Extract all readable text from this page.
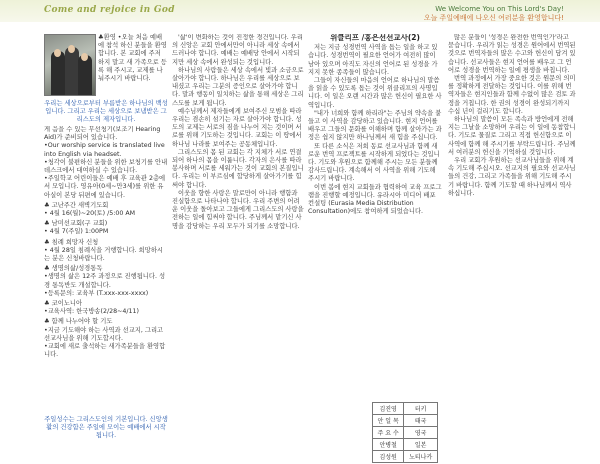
Come and rejoice in God	We Welcome You on This Lord's Day!
오늘 주일예배에 나오신 여러분을 환영합니다!
♣환영 •오늘 처음 예배에 참석 하신 분들을 환영합니다. 본 교회에 주저 하지 말고 새 가족으로 등록 해 주시고, 교제를 나눠주시기 바랍니다.
우리는 세상으로부터 부름받은 하나님의 백성입니다. 그리고 우리는 세상으로 보냄받은 그리스도의 제자입니다.
게 음을 수 있는 무선청기(보조기 Hearing Aid)가 준비되어 있습니다.
•Our worship service is translated live into English via headset.
•청각이 불편하신 분들을 위한 보청기를 안내데스크에서 대여하실 수 있습니다.
•주일학교 어린이들은 예배 후 교육관 2층에서 모입니다. 영유아(0세~만3세)를 위한 유아실이 본당 뒤편에 있습니다.
♣ 고난주간 새벽기도회
• 4월 16(월)~20(토) /5:00 AM
♣ 남미선교회(구 교회)
• 4월 7(주일) 1:00PM
♣ 침례 희망자 신청
• 4월 28일 침례식을 거행합니다. 희망하시는 분은 신청바랍니다.
♣ 생명의삶/성경통독
•생명의 삶은 12주 과정으로 진행됩니다. 성경 통독반도 개설합니다.
•등록문의: 교육부 (T.xxx-xxx-xxxx)
♣ 코이노니아
•교육사역: 한국방송(2/28~4/11)
♣ 함께 나누어야 할 기도
•지금 기도해야 하는 사역과 선교지, 그리고 선교사님을 위해 기도합시다.
•교회에 새로 출석하는 새가족분들을 환영합니다.
주일성수는 그리스도인의 기본입니다. 신앙생활의 건강함은 주일에 모이는 예배에서 시작됩니다.

'삶'이 변화하는 것이 진정한 경건입니다. 우리의 신앙은 교회 안에서만이 아니라 세상 속에서 드러나야 합니다. 예배는 예배당 안에서 시작되지만 세상 속에서 완성되는 것입니다.

하나님의 사람들은 세상 속에서 빛과 소금으로 살아가야 합니다. 하나님은 우리를 세상으로 보내셨고 우리는 그분의 증인으로 살아가야 합니다. 말과 행동이 일치하는 삶을 통해 세상은 그리스도를 보게 됩니다.

예수님께서 제자들에게 보여주신 모범을 따라 우리는 겸손히 섬기는 자로 살아가야 합니다. 성도의 교제는 서로의 짐을 나누어 지는 것이며 서로를 위해 기도하는 것입니다. 교회는 이 땅에서 하나님 나라를 보여주는 공동체입니다.

그리스도의 몸 된 교회는 각 지체가 서로 연결되어 하나의 몸을 이룹니다. 각자의 은사를 따라 봉사하며 서로를 세워가는 것이 교회의 본질입니다. 우리는 이 부르심에 합당하게 살아가기를 힘써야 합니다.

이웃을 향한 사랑은 말로만이 아니라 행함과 진실함으로 나타나야 합니다. 우리 주변의 어려운 이웃을 돌아보고 그들에게 그리스도의 사랑을 전하는 일에 힘써야 합니다. 주님께서 맡기신 사명을 감당하는 우리 모두가 되기를 소망합니다.

위클리프 /홍은선선교사(2)

저는 지금 성경번역 사역을 돕는 일을 하고 있습니다. 성경번역이 필요한 언어가 여전히 많이 남아 있으며 아직도 자신의 언어로 된 성경을 가지지 못한 종족들이 많습니다.

그들이 자신들의 마음의 언어로 하나님의 말씀을 읽을 수 있도록 돕는 것이 위클리프의 사명입니다. 이 일은 오랜 시간과 많은 헌신이 필요한 사역입니다.

"내가 너희와 함께 하리라"는 주님의 약속을 붙들고 이 사역을 감당하고 있습니다. 현지 언어를 배우고 그들의 문화를 이해하며 함께 살아가는 과정은 쉽지 않지만 하나님께서 새 힘을 주십니다.

또 다른 소식은 저희 동료 선교사님과 함께 새로운 번역 프로젝트를 시작하게 되었다는 것입니다. 기도와 후원으로 함께해 주시는 모든 분들께 감사드립니다. 계속해서 이 사역을 위해 기도해 주시기 바랍니다.

이번 봄에 현지 교회들과 협력하여 교육 프로그램을 진행할 예정입니다. 유라시아 미디어 배포 컨설팅 (Eurasia Media Distribution Consultation)에도 참여하게 되었습니다.

김진영	터키
안 일 목	태국
주 요 수	영국
안병철	일본
김성원	노티나카

많은 분들이 '성경은 완전한 번역인가'라고 묻습니다. 우리가 읽는 성경은 원어에서 번역된 것으로 번역자들의 많은 수고와 헌신이 담겨 있습니다. 선교사들은 현지 언어를 배우고 그 언어로 성경을 번역하는 일에 평생을 바칩니다.

번역 과정에서 가장 중요한 것은 원문의 의미를 정확하게 전달하는 것입니다. 이를 위해 번역자들은 현지인들과 함께 수없이 많은 검토 과정을 거칩니다. 한 권의 성경이 완성되기까지 수십 년이 걸리기도 합니다.

하나님의 말씀이 모든 족속과 방언에게 전해지는 그날을 소망하며 우리는 이 일에 동참합니다. 기도로 물질로 그리고 직접 헌신함으로 이 사역에 함께 해 주시기를 부탁드립니다. 주님께서 여러분의 헌신을 기억하실 것입니다.

우리 교회가 후원하는 선교사님들을 위해 계속 기도해 주십시오. 선교지의 필요와 선교사님들의 건강, 그리고 가족들을 위해 기도해 주시기 바랍니다. 함께 기도할 때 하나님께서 역사하십니다.
